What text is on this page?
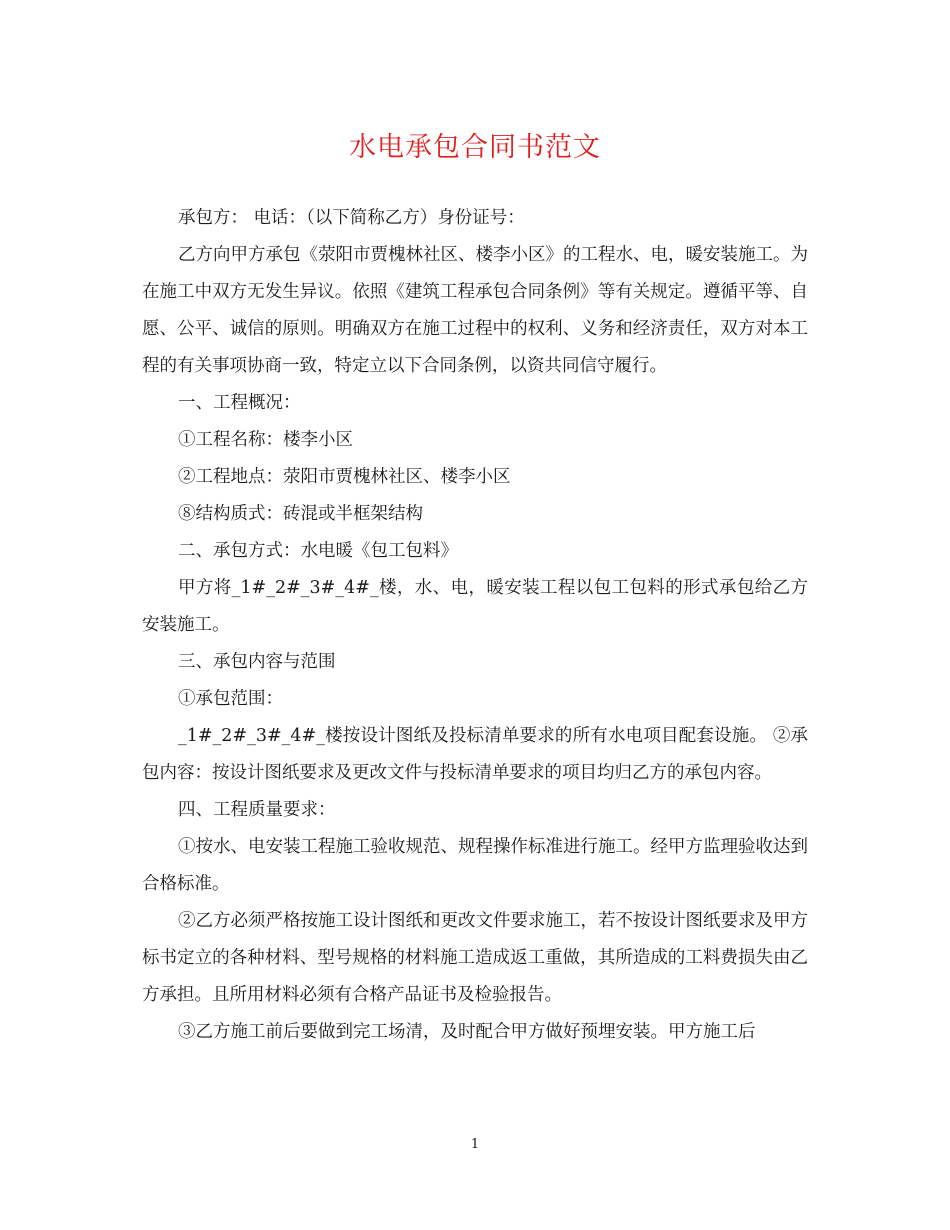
水电承包合同书范文

承包方： 电话：（以下简称乙方）身份证号：

乙方向甲方承包《荥阳市贾槐林社区、楼李小区》的工程水、电，暖安装施工。为在施工中双方无发生异议。依照《建筑工程承包合同条例》等有关规定。遵循平等、自愿、公平、诚信的原则。明确双方在施工过程中的权利、义务和经济责任，双方对本工程的有关事项协商一致，特定立以下合同条例，以资共同信守履行。

一、工程概况：

①工程名称：楼李小区

②工程地点：荥阳市贾槐林社区、楼李小区

⑧结构质式：砖混或半框架结构

二、承包方式：水电暖《包工包料》

甲方将_1#_2#_3#_4#_楼，水、电，暖安装工程以包工包料的形式承包给乙方安装施工。

三、承包内容与范围

①承包范围：

_1#_2#_3#_4#_楼按设计图纸及投标清单要求的所有水电项目配套设施。 ②承包内容：按设计图纸要求及更改文件与投标清单要求的项目均归乙方的承包内容。

四、工程质量要求：

①按水、电安装工程施工验收规范、规程操作标准进行施工。经甲方监理验收达到合格标准。

②乙方必须严格按施工设计图纸和更改文件要求施工，若不按设计图纸要求及甲方标书定立的各种材料、型号规格的材料施工造成返工重做，其所造成的工料费损失由乙方承担。且所用材料必须有合格产品证书及检验报告。

③乙方施工前后要做到完工场清，及时配合甲方做好预埋安装。甲方施工后

1
